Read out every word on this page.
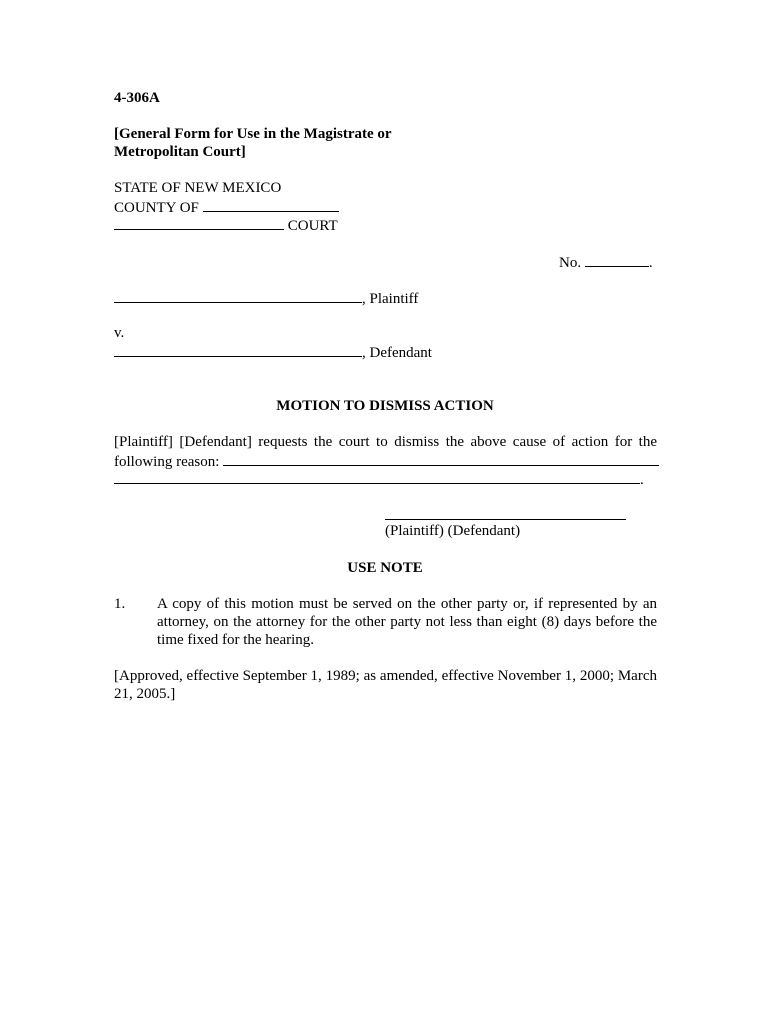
4-306A
[General Form for Use in the Magistrate or
Metropolitan Court]
STATE OF NEW MEXICO
COUNTY OF
COURT
No.	.
, Plaintiff
v.
, Defendant
MOTION TO DISMISS ACTION
[Plaintiff] [Defendant] requests the court to dismiss the above cause of action for the
following reason:
.
(Plaintiff) (Defendant)
USE NOTE
1. A copy of this motion must be served on the other party or, if represented by an attorney, on the attorney for the other party not less than eight (8) days before the time fixed for the hearing.
[Approved, effective September 1, 1989; as amended, effective November 1, 2000; March 21, 2005.]
